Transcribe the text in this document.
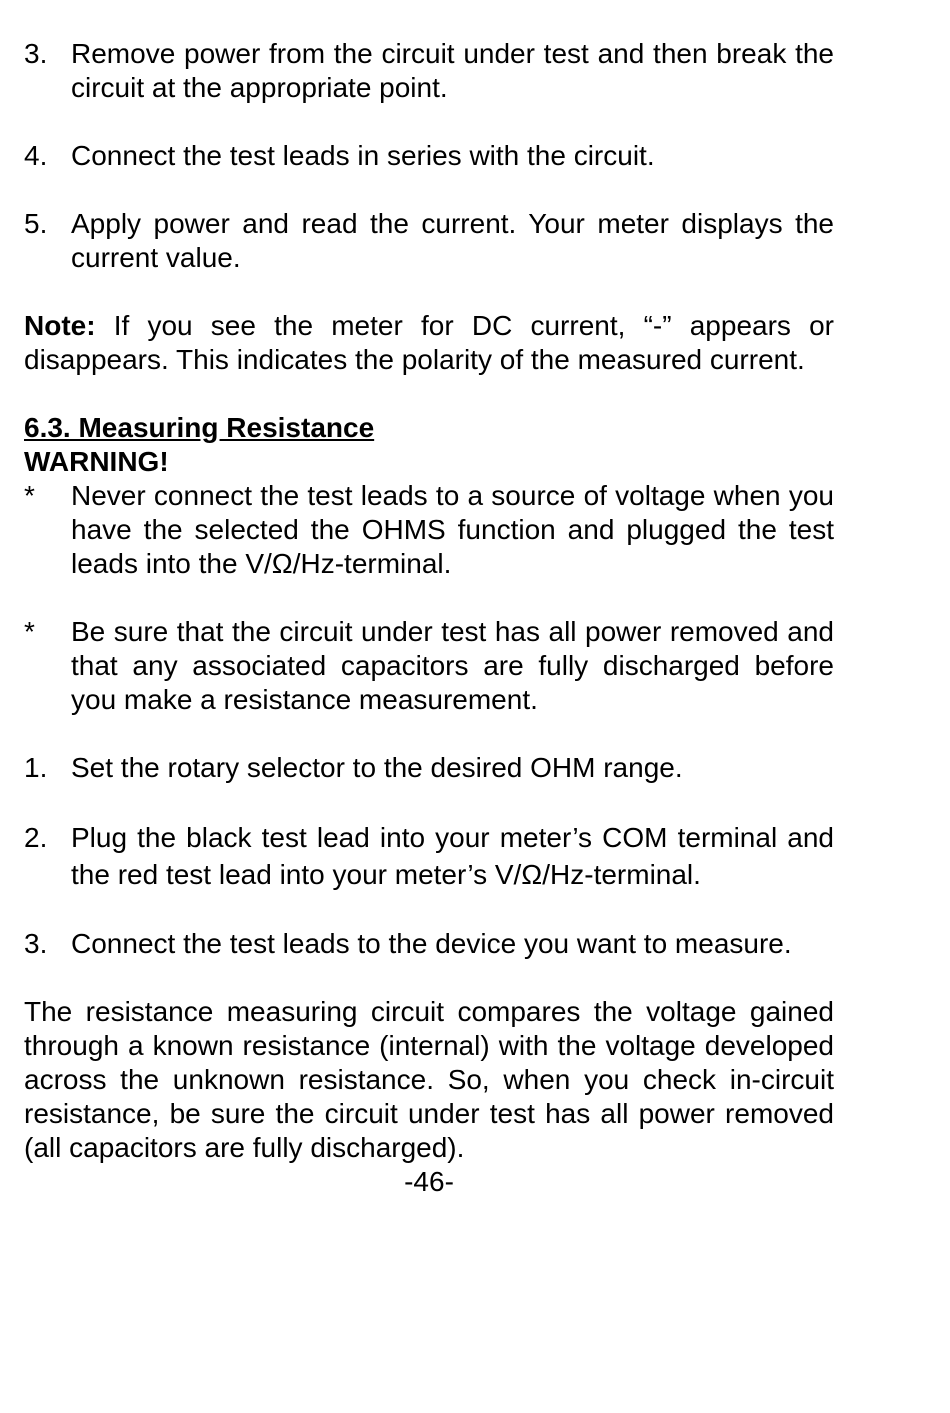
3. Remove power from the circuit under test and then break the circuit at the appropriate point.
4. Connect the test leads in series with the circuit.
5. Apply power and read the current. Your meter displays the current value.
Note: If you see the meter for DC current, “-” appears or disappears. This indicates the polarity of the measured current.
6.3. Measuring Resistance
WARNING!
*	Never connect the test leads to a source of voltage when you have the selected the OHMS function and plugged the test leads into the V/Ω/Hz-terminal.
*	Be sure that the circuit under test has all power removed and that any associated capacitors are fully discharged before you make a resistance measurement.
1. Set the rotary selector to the desired OHM range.
2. Plug the black test lead into your meter’s COM terminal and the red test lead into your meter’s V/Ω/Hz-terminal.
3. Connect the test leads to the device you want to measure.
The resistance measuring circuit compares the voltage gained through a known resistance (internal) with the voltage developed across the unknown resistance. So, when you check in-circuit resistance, be sure the circuit under test has all power removed (all capacitors are fully discharged).
-46-
